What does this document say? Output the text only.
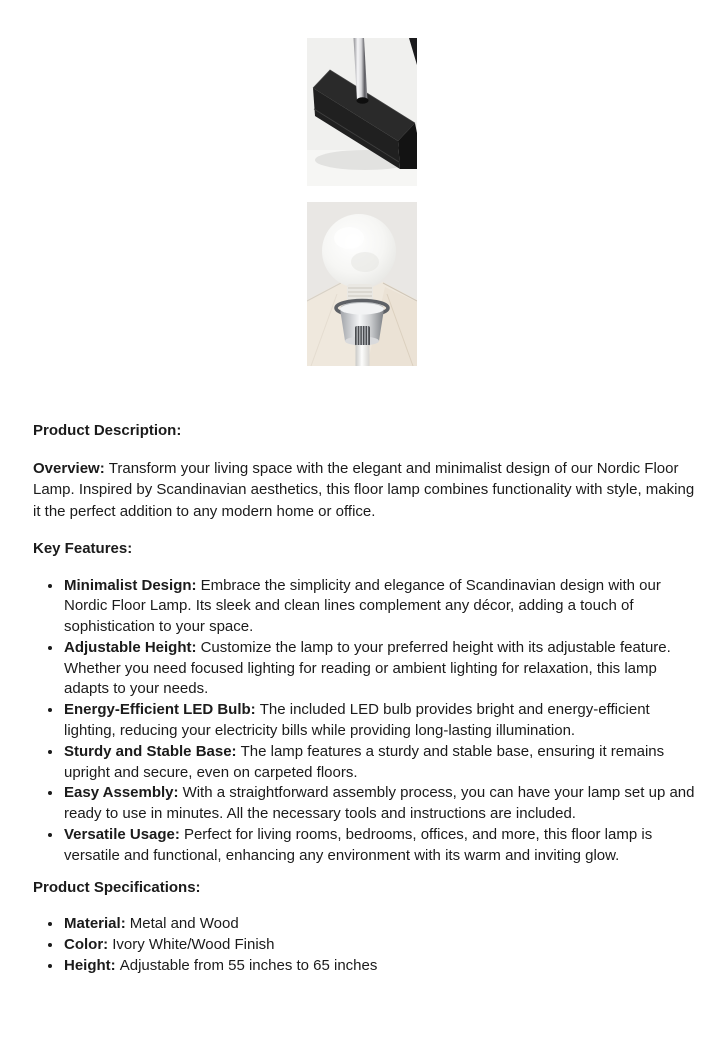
Product Description:

Overview: Transform your living space with the elegant and minimalist design of our Nordic Floor Lamp. Inspired by Scandinavian aesthetics, this floor lamp combines functionality with style, making it the perfect addition to any modern home or office.

Key Features:

• Minimalist Design: Embrace the simplicity and elegance of Scandinavian design with our Nordic Floor Lamp. Its sleek and clean lines complement any décor, adding a touch of sophistication to your space.
• Adjustable Height: Customize the lamp to your preferred height with its adjustable feature. Whether you need focused lighting for reading or ambient lighting for relaxation, this lamp adapts to your needs.
• Energy-Efficient LED Bulb: The included LED bulb provides bright and energy-efficient lighting, reducing your electricity bills while providing long-lasting illumination.
• Sturdy and Stable Base: The lamp features a sturdy and stable base, ensuring it remains upright and secure, even on carpeted floors.
• Easy Assembly: With a straightforward assembly process, you can have your lamp set up and ready to use in minutes. All the necessary tools and instructions are included.
• Versatile Usage: Perfect for living rooms, bedrooms, offices, and more, this floor lamp is versatile and functional, enhancing any environment with its warm and inviting glow.

Product Specifications:

• Material: Metal and Wood
• Color: Ivory White/Wood Finish
• Height: Adjustable from 55 inches to 65 inches
